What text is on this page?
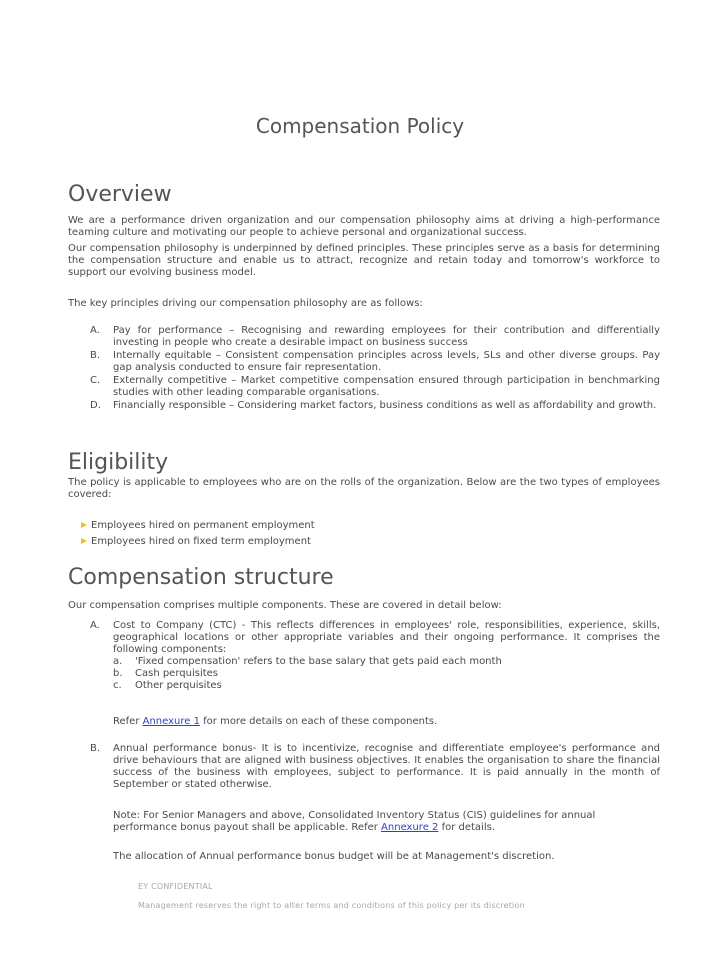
Compensation Policy
Overview
We are a performance driven organization and our compensation philosophy aims at driving a high-performance teaming culture and motivating our people to achieve personal and organizational success.
Our compensation philosophy is underpinned by defined principles. These principles serve as a basis for determining the compensation structure and enable us to attract, recognize and retain today and tomorrow's workforce to support our evolving business model.
The key principles driving our compensation philosophy are as follows:
A. Pay for performance – Recognising and rewarding employees for their contribution and differentially investing in people who create a desirable impact on business success
B. Internally equitable – Consistent compensation principles across levels, SLs and other diverse groups. Pay gap analysis conducted to ensure fair representation.
C. Externally competitive – Market competitive compensation ensured through participation in benchmarking studies with other leading comparable organisations.
D. Financially responsible – Considering market factors, business conditions as well as affordability and growth.
Eligibility
The policy is applicable to employees who are on the rolls of the organization. Below are the two types of employees covered:
Employees hired on permanent employment
Employees hired on fixed term employment
Compensation structure
Our compensation comprises multiple components. These are covered in detail below:
A. Cost to Company (CTC) - This reflects differences in employees' role, responsibilities, experience, skills, geographical locations or other appropriate variables and their ongoing performance. It comprises the following components:
a. 'Fixed compensation' refers to the base salary that gets paid each month
b. Cash perquisites
c. Other perquisites
Refer Annexure 1 for more details on each of these components.
B. Annual performance bonus- It is to incentivize, recognise and differentiate employee's performance and drive behaviours that are aligned with business objectives. It enables the organisation to share the financial success of the business with employees, subject to performance. It is paid annually in the month of September or stated otherwise.
Note: For Senior Managers and above, Consolidated Inventory Status (CIS) guidelines for annual performance bonus payout shall be applicable. Refer Annexure 2 for details.
The allocation of Annual performance bonus budget will be at Management's discretion.
EY CONFIDENTIAL
Management reserves the right to alter terms and conditions of this policy per its discretion
